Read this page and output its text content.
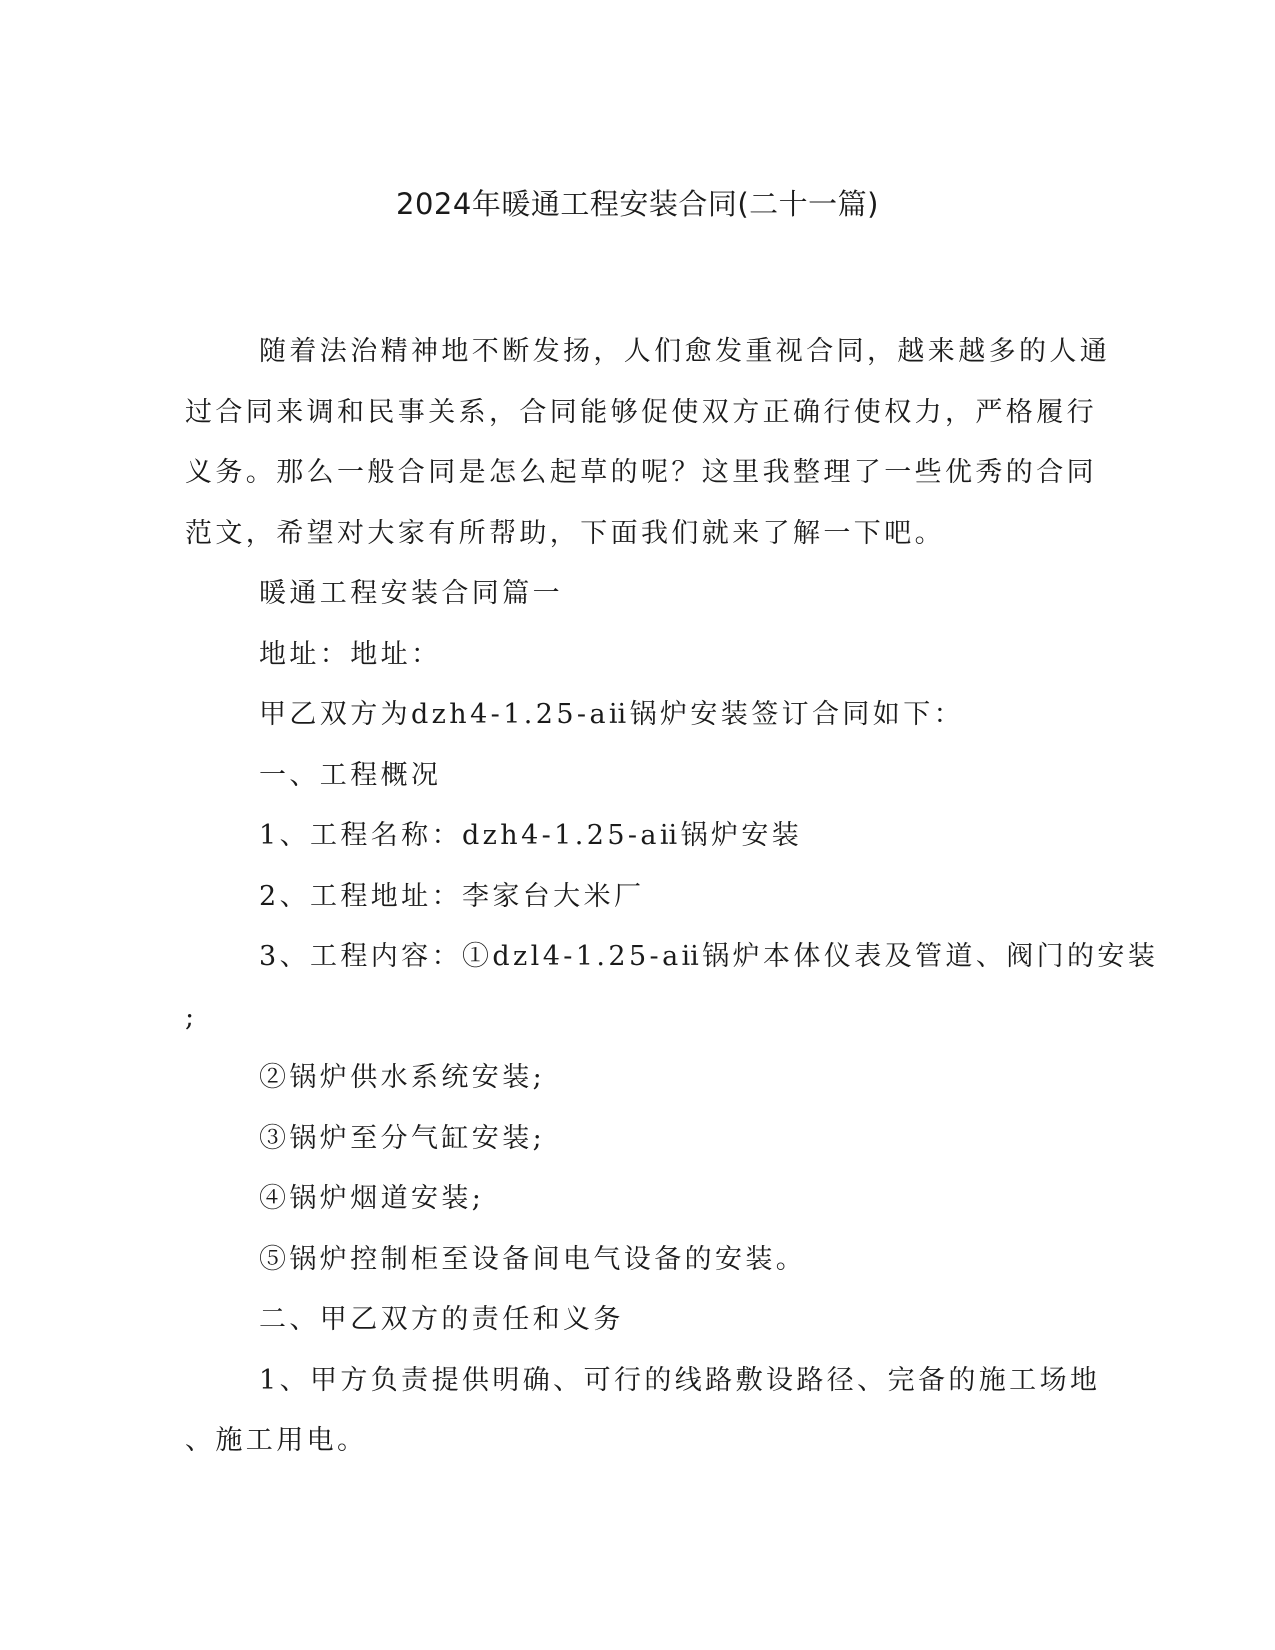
2024年暖通工程安装合同(二十一篇)

随着法治精神地不断发扬，人们愈发重视合同，越来越多的人通

过合同来调和民事关系，合同能够促使双方正确行使权力，严格履行

义务。那么一般合同是怎么起草的呢？这里我整理了一些优秀的合同

范文，希望对大家有所帮助，下面我们就来了解一下吧。

暖通工程安装合同篇一

地址：地址：

甲乙双方为dzh4-1.25-aⅱ锅炉安装签订合同如下：

一、工程概况

1、工程名称：dzh4-1.25-aⅱ锅炉安装

2、工程地址：李家台大米厂

3、工程内容：①dzl4-1.25-aⅱ锅炉本体仪表及管道、阀门的安装

;

②锅炉供水系统安装;

③锅炉至分气缸安装;

④锅炉烟道安装;

⑤锅炉控制柜至设备间电气设备的安装。

二、甲乙双方的责任和义务

1、甲方负责提供明确、可行的线路敷设路径、完备的施工场地

、施工用电。
